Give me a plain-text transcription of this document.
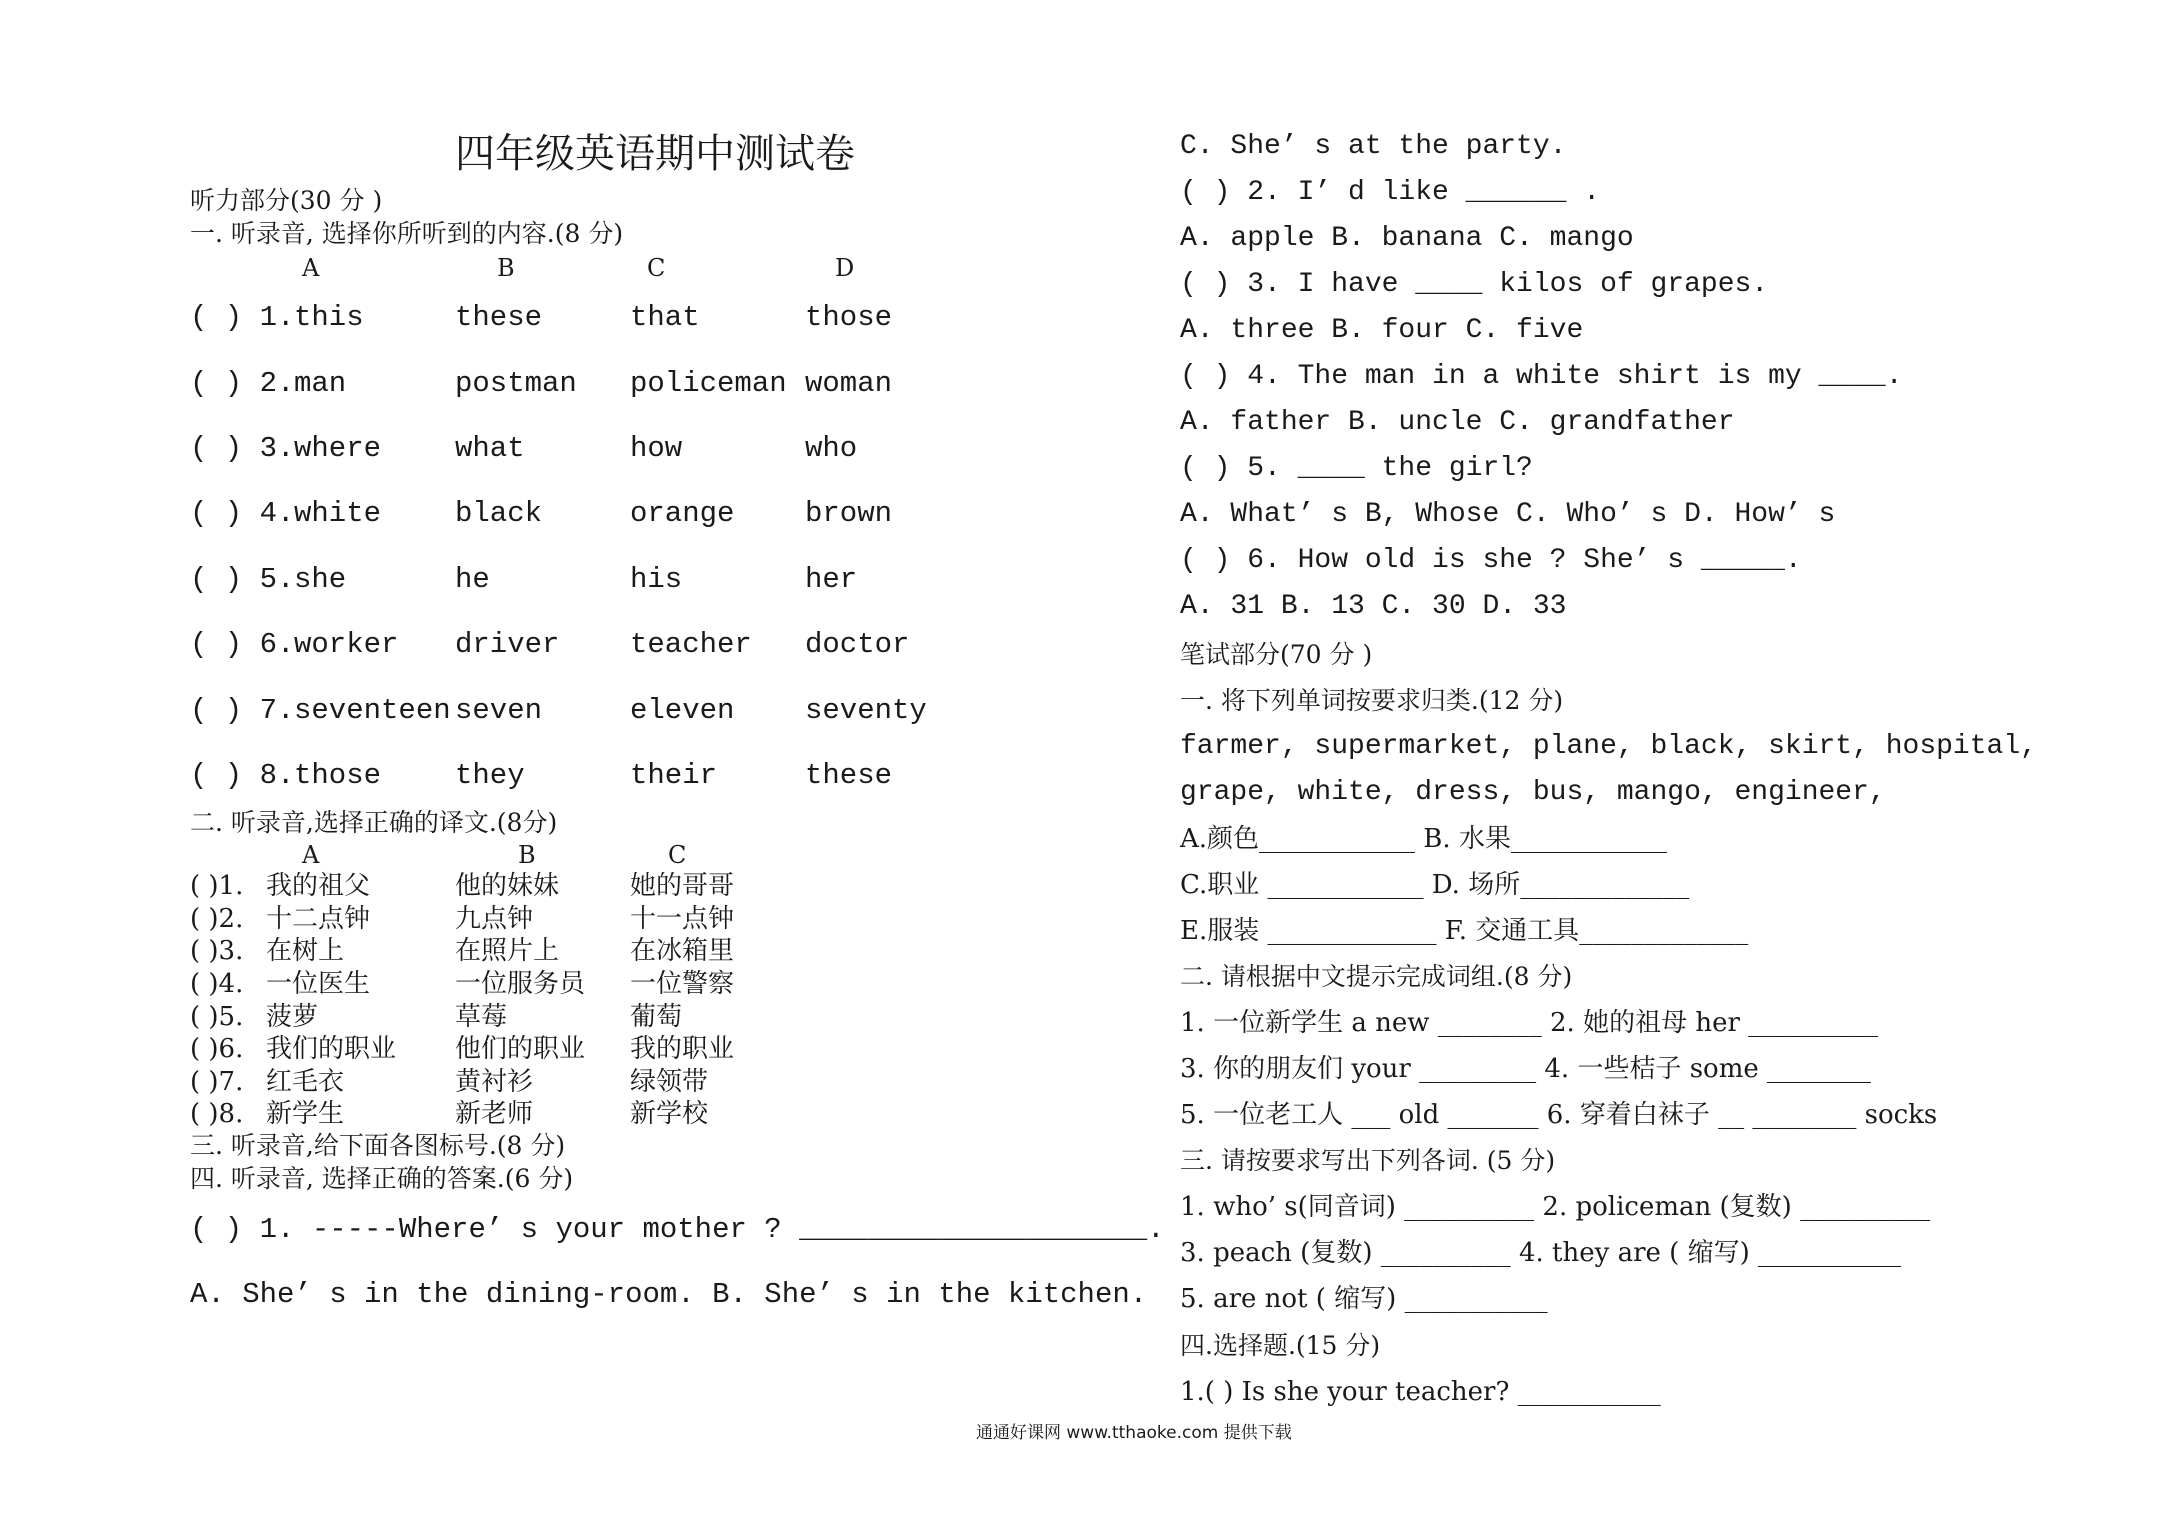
四年级英语期中测试卷
听力部分(30 分 )
一. 听录音, 选择你所听到的内容.(8 分)
A	B	C	D
( ) 1. this	these	that	those
( ) 2. man	postman policeman woman
( ) 3. where	what	how	who
( ) 4. white	black	orange brown
( ) 5. she	he	his	her
( ) 6. worker driver teacher doctor
( ) 7. seventeen seven	eleven seventy
( ) 8. those	they	their	these
二. 听录音,选择正确的译文.(8分)
A	B	C
( )1. 我的祖父	他的妹妹	她的哥哥
( )2. 十二点钟	九点钟	十一点钟
( )3. 在树上	在照片上	在冰箱里
( )4. 一位医生	一位服务员 一位警察
( )5. 菠萝	草莓	葡萄
( )6. 我们的职业 他们的职业 我的职业
( )7. 红毛衣	黄衬衫	绿领带
( )8. 新学生	新老师	新学校
三. 听录音,给下面各图标号.(8 分)
四. 听录音, 选择正确的答案.(6 分)
( ) 1. -----Where’ s your mother ? ____________________.
A. She’ s in the dining-room. B. She’ s in the kitchen.
C. She’ s at the party.
( ) 2. I’ d like ______ .
A. apple B. banana C. mango
( ) 3. I have ____ kilos of grapes.
A. three B. four C. five
( ) 4. The man in a white shirt is my ____.
A. father B. uncle C. grandfather
( ) 5. ____ the girl?
A. What’ s B, Whose C. Who’ s D. How’ s
( ) 6. How old is she ? She’ s _____.
A. 31 B. 13 C. 30 D. 33
笔试部分(70 分 )
一. 将下列单词按要求归类.(12 分)
farmer, supermarket, plane, black, skirt, hospital,
grape, white, dress, bus, mango, engineer,
A.颜色____________ B. 水果____________
C.职业 ____________ D. 场所_____________
E.服装 _____________ F. 交通工具_____________
二. 请根据中文提示完成词组.(8 分)
1. 一位新学生 a new ________ 2. 她的祖母 her __________
3. 你的朋友们 your _________ 4. 一些桔子 some ________
5. 一位老工人 ___ old _______ 6. 穿着白袜子 __ ________ socks
三. 请按要求写出下列各词. (5 分)
1. who’ s(同音词) __________ 2. policeman (复数) __________
3. peach (复数) __________ 4. they are ( 缩写) ___________
5. are not ( 缩写) ___________
四.选择题.(15 分)
1.( ) Is she your teacher? ___________
通通好课网 www.tthaoke.com 提供下载
